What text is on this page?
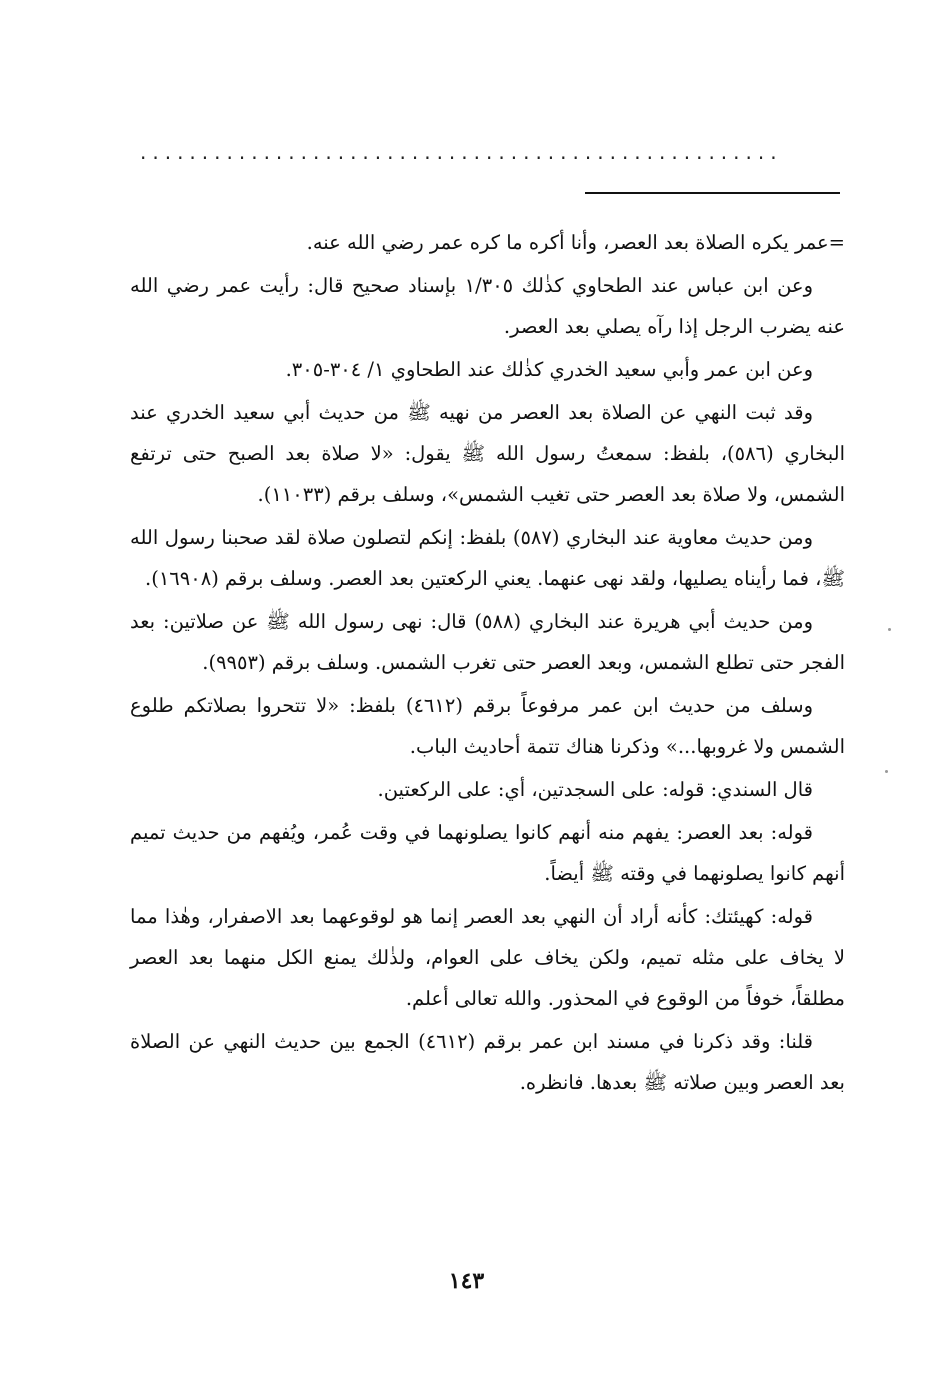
....................................................

=عمر يكره الصلاة بعد العصر، وأنا أكره ما كره عمر رضي الله عنه.

وعن ابن عباس عند الطحاوي كذٰلك ١/٣٠٥ بإسناد صحيح قال: رأيت عمر رضي الله عنه يضرب الرجل إذا رآه يصلي بعد العصر.

وعن ابن عمر وأبي سعيد الخدري كذٰلك عند الطحاوي ١/ ٣٠٤-٣٠٥.

وقد ثبت النهي عن الصلاة بعد العصر من نهيه ﷺ من حديث أبي سعيد الخدري عند البخاري (٥٨٦)، بلفظ: سمعتُ رسول الله ﷺ يقول: «لا صلاة بعد الصبح حتى ترتفع الشمس، ولا صلاة بعد العصر حتى تغيب الشمس»، وسلف برقم (١١٠٣٣).

ومن حديث معاوية عند البخاري (٥٨٧) بلفظ: إنكم لتصلون صلاة لقد صحبنا رسول الله ﷺ، فما رأيناه يصليها، ولقد نهى عنهما. يعني الركعتين بعد العصر. وسلف برقم (١٦٩٠٨).

ومن حديث أبي هريرة عند البخاري (٥٨٨) قال: نهى رسول الله ﷺ عن صلاتين: بعد الفجر حتى تطلع الشمس، وبعد العصر حتى تغرب الشمس. وسلف برقم (٩٩٥٣).

وسلف من حديث ابن عمر مرفوعاً برقم (٤٦١٢) بلفظ: «لا تتحروا بصلاتكم طلوع الشمس ولا غروبها...» وذكرنا هناك تتمة أحاديث الباب.

قال السندي: قوله: على السجدتين، أي: على الركعتين.

قوله: بعد العصر: يفهم منه أنهم كانوا يصلونهما في وقت عُمر، ويُفهم من حديث تميم أنهم كانوا يصلونهما في وقته ﷺ أيضاً.

قوله: كهيئتك: كأنه أراد أن النهي بعد العصر إنما هو لوقوعهما بعد الاصفرار، وهٰذا مما لا يخاف على مثله تميم، ولكن يخاف على العوام، ولذٰلك يمنع الكل منهما بعد العصر مطلقاً، خوفاً من الوقوع في المحذور. والله تعالى أعلم.

قلنا: وقد ذكرنا في مسند ابن عمر برقم (٤٦١٢) الجمع بين حديث النهي عن الصلاة بعد العصر وبين صلاته ﷺ بعدها. فانظره.

١٤٣
